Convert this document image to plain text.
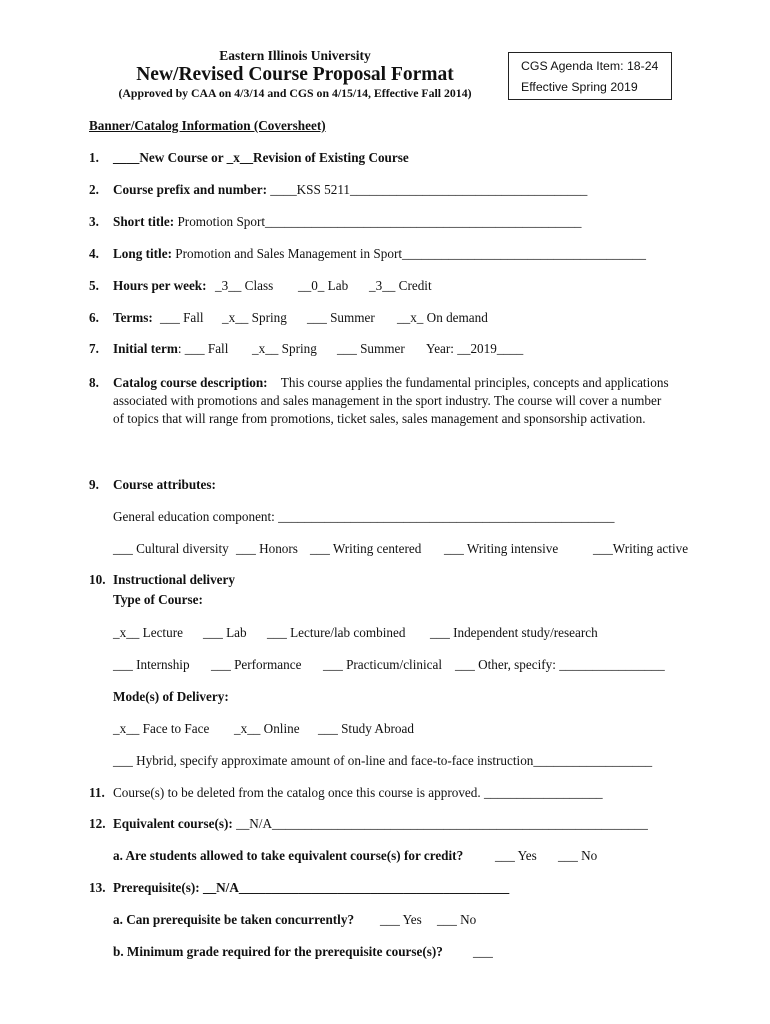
Eastern Illinois University
New/Revised Course Proposal Format
(Approved by CAA on 4/3/14 and CGS on 4/15/14, Effective Fall 2014)
CGS Agenda Item: 18-24
Effective Spring 2019
Banner/Catalog Information (Coversheet)
1. ____New Course or _x__Revision of Existing Course
2. Course prefix and number: ____KSS 5211____________________________________
3. Short title: Promotion Sport________________________________________________
4. Long title: Promotion and Sales Management in Sport_____________________________________
5. Hours per week: _3__ Class __0_ Lab _3__ Credit
6. Terms: ___ Fall _x__ Spring ___ Summer __x_ On demand
7. Initial term: ___ Fall _x__ Spring ___ Summer Year: __2019____
8. Catalog course description: This course applies the fundamental principles, concepts and applications associated with promotions and sales management in the sport industry. The course will cover a number of topics that will range from promotions, ticket sales, sales management and sponsorship activation.
9. Course attributes:
General education component: ___________________________________________________
___ Cultural diversity ___ Honors ___ Writing centered ___ Writing intensive	___Writing active
10. Instructional delivery
Type of Course:
_x__ Lecture ___ Lab ___ Lecture/lab combined ___ Independent study/research
___ Internship ___ Performance ___ Practicum/clinical ___ Other, specify: ________________
Mode(s) of Delivery:
_x__ Face to Face _x__ Online ___ Study Abroad
___ Hybrid, specify approximate amount of on-line and face-to-face instruction__________________
11. Course(s) to be deleted from the catalog once this course is approved. __________________
12. Equivalent course(s): __N/A_________________________________________________________
a. Are students allowed to take equivalent course(s) for credit? ___ Yes ___ No
13. Prerequisite(s): __N/A_________________________________________
a. Can prerequisite be taken concurrently? ___ Yes ___ No
b. Minimum grade required for the prerequisite course(s)? ___
